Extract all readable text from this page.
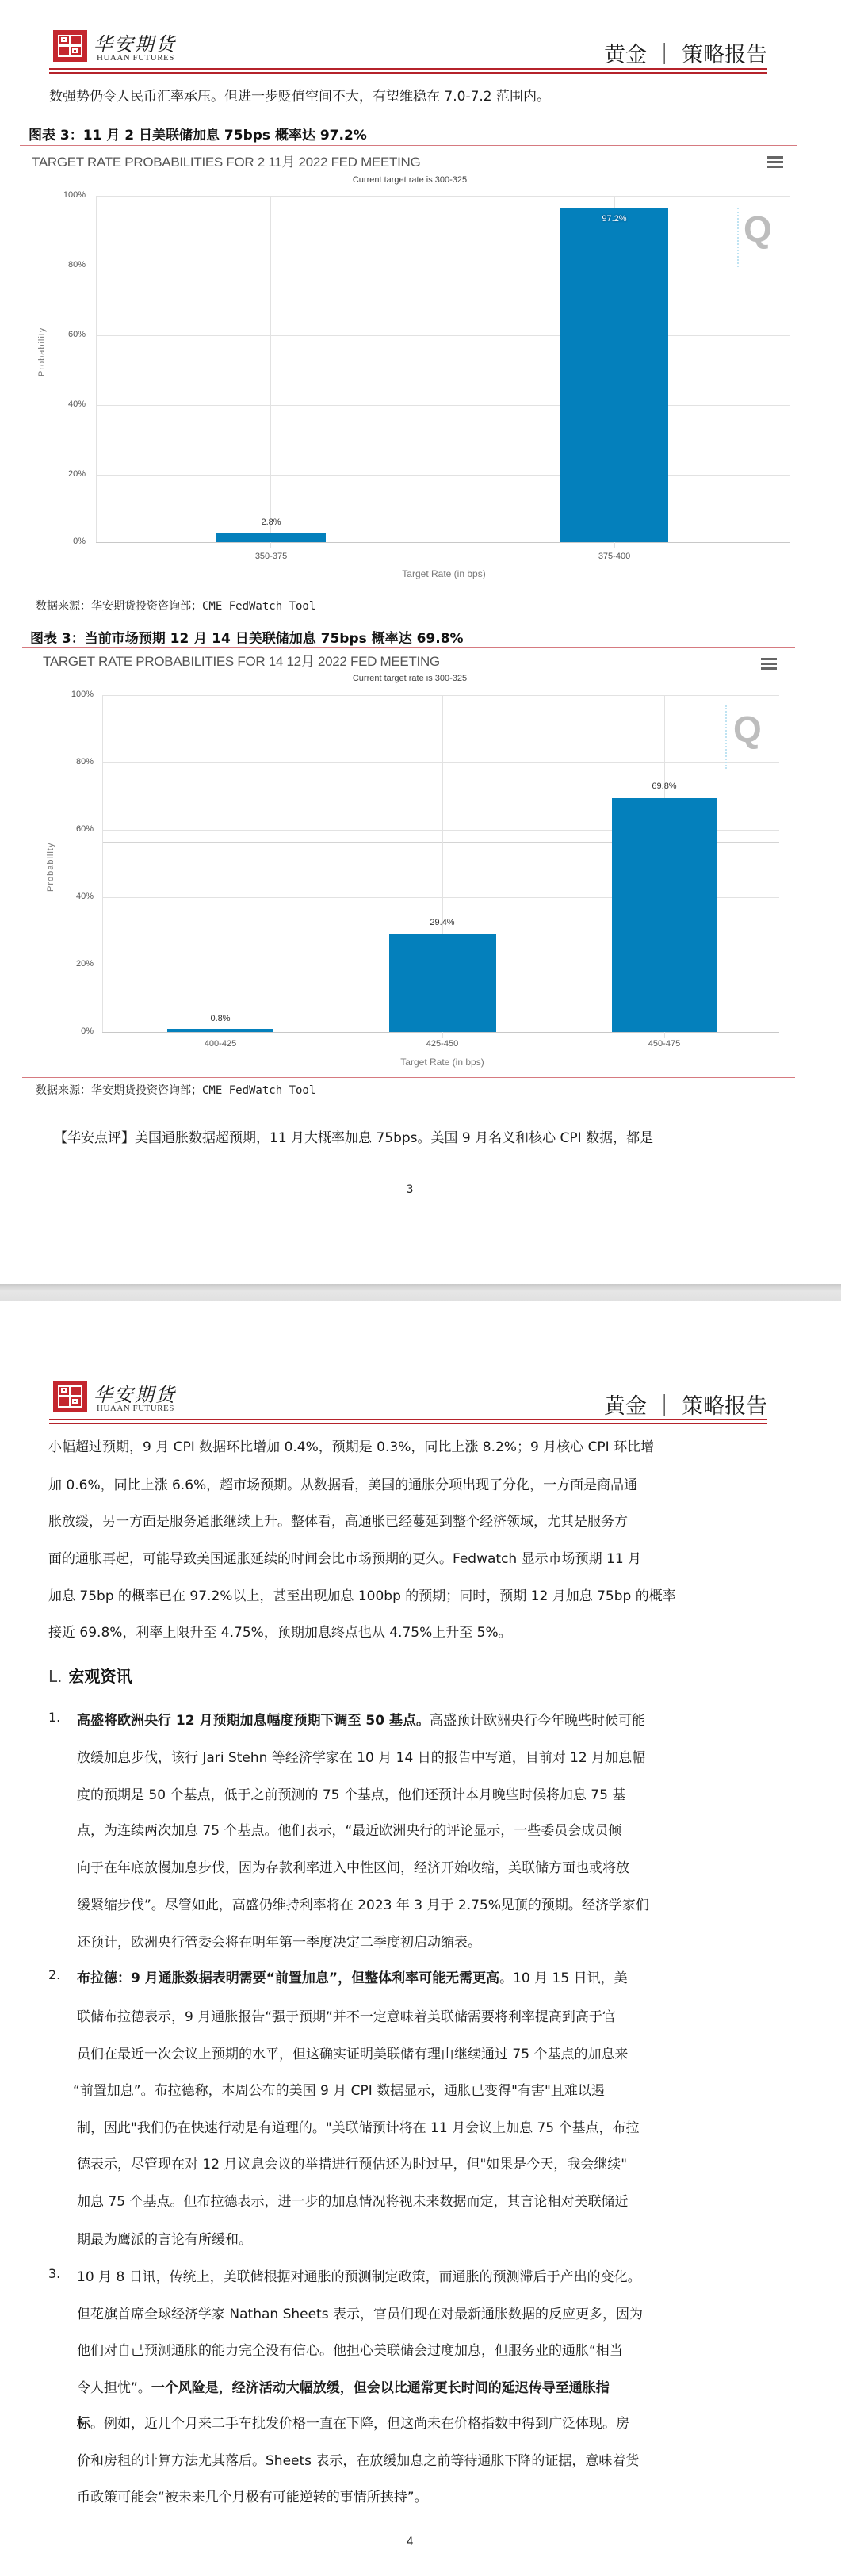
华安期货
HUAAN FUTURES	黄金 ｜ 策略报告
数强势仍令人民币汇率承压。但进一步贬值空间不大，有望维稳在 7.0-7.2 范围内。
图表 3：11 月 2 日美联储加息 75bps 概率达 97.2%
TARGET RATE PROBABILITIES FOR 2 11月 2022 FED MEETING
Current target rate is 300-325
100%
80%
60%
40%
20%
0%
Probability
Q
2.8%
97.2%
350-375	375-400
Target Rate (in bps)
数据来源：华安期货投资咨询部；CME FedWatch Tool
图表 3：当前市场预期 12 月 14 日美联储加息 75bps 概率达 69.8%
TARGET RATE PROBABILITIES FOR 14 12月 2022 FED MEETING
Current target rate is 300-325
100%
80%
60%
40%
20%
0%
Probability
Q
0.8%
29.4%
69.8%
400-425	425-450	450-475
Target Rate (in bps)
数据来源：华安期货投资咨询部；CME FedWatch Tool
【华安点评】美国通胀数据超预期，11 月大概率加息 75bps。美国 9 月名义和核心 CPI 数据，都是
3
华安期货
HUAAN FUTURES	黄金 ｜ 策略报告
小幅超过预期，9 月 CPI 数据环比增加 0.4%，预期是 0.3%，同比上涨 8.2%；9 月核心 CPI 环比增
加 0.6%，同比上涨 6.6%，超市场预期。从数据看，美国的通胀分项出现了分化，一方面是商品通
胀放缓，另一方面是服务通胀继续上升。整体看，高通胀已经蔓延到整个经济领域，尤其是服务方
面的通胀再起，可能导致美国通胀延续的时间会比市场预期的更久。Fedwatch 显示市场预期 11 月
加息 75bp 的概率已在 97.2%以上，甚至出现加息 100bp 的预期；同时，预期 12 月加息 75bp 的概率
接近 69.8%，利率上限升至 4.75%，预期加息终点也从 4.75%上升至 5%。
L. 宏观资讯
1. 高盛将欧洲央行 12 月预期加息幅度预期下调至 50 基点。高盛预计欧洲央行今年晚些时候可能
放缓加息步伐，该行 Jari Stehn 等经济学家在 10 月 14 日的报告中写道，目前对 12 月加息幅
度的预期是 50 个基点，低于之前预测的 75 个基点，他们还预计本月晚些时候将加息 75 基
点，为连续两次加息 75 个基点。他们表示，“最近欧洲央行的评论显示，一些委员会成员倾
向于在年底放慢加息步伐，因为存款利率进入中性区间，经济开始收缩，美联储方面也或将放
缓紧缩步伐”。尽管如此，高盛仍维持利率将在 2023 年 3 月于 2.75%见顶的预期。经济学家们
还预计，欧洲央行管委会将在明年第一季度决定二季度初启动缩表。
2. 布拉德：9 月通胀数据表明需要“前置加息”，但整体利率可能无需更高。10 月 15 日讯，美
联储布拉德表示，9 月通胀报告“强于预期”并不一定意味着美联储需要将利率提高到高于官
员们在最近一次会议上预期的水平，但这确实证明美联储有理由继续通过 75 个基点的加息来
“前置加息”。布拉德称，本周公布的美国 9 月 CPI 数据显示，通胀已变得"有害"且难以遏
制，因此"我们仍在快速行动是有道理的。"美联储预计将在 11 月会议上加息 75 个基点，布拉
德表示，尽管现在对 12 月议息会议的举措进行预估还为时过早，但"如果是今天，我会继续"
加息 75 个基点。但布拉德表示，进一步的加息情况将视未来数据而定，其言论相对美联储近
期最为鹰派的言论有所缓和。
3. 10 月 8 日讯，传统上，美联储根据对通胀的预测制定政策，而通胀的预测滞后于产出的变化。
但花旗首席全球经济学家 Nathan Sheets 表示，官员们现在对最新通胀数据的反应更多，因为
他们对自己预测通胀的能力完全没有信心。他担心美联储会过度加息，但服务业的通胀“相当
令人担忧”。一个风险是，经济活动大幅放缓，但会以比通常更长时间的延迟传导至通胀指
标。例如，近几个月来二手车批发价格一直在下降，但这尚未在价格指数中得到广泛体现。房
价和房租的计算方法尤其落后。Sheets 表示，在放缓加息之前等待通胀下降的证据，意味着货
币政策可能会“被未来几个月极有可能逆转的事情所挟持”。
4
